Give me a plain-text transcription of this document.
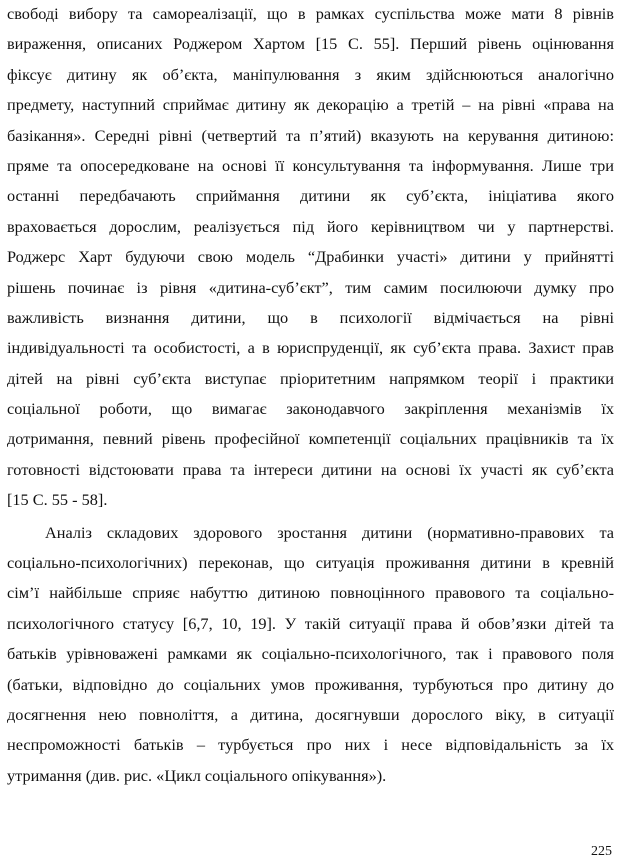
свободі вибору та самореалізації, що в рамках суспільства може мати 8 рівнів
вираження, описаних Роджером Хартом [15 С. 55]. Перший рівень оцінювання
фіксує дитину як об’єкта, маніпулювання з яким здійснюються аналогічно
предмету, наступний сприймає дитину як декорацію а третій – на рівні «права на
базікання». Середні рівні (четвертий та п’ятий) вказують на керування дитиною:
пряме та опосередковане на основі її консультування та інформування. Лише три
останні передбачають сприймання дитини як суб’єкта, ініціатива якого
враховається дорослим, реалізується під його керівництвом чи у партнерстві.
Роджерс Харт будуючи свою модель “Драбинки участі» дитини у прийнятті
рішень починає із рівня «дитина-суб’єкт”, тим самим посилюючи думку про
важливість визнання дитини, що в психології відмічається на рівні
індивідуальності та особистості, а в юриспруденції, як суб’єкта права. Захист прав
дітей на рівні суб’єкта виступає пріоритетним напрямком теорії і практики
соціальної роботи, що вимагає законодавчого закріплення механізмів їх
дотримання, певний рівень професійної компетенції соціальних працівників та їх
готовності відстоювати права та інтереси дитини на основі їх участі як суб’єкта
[15 С. 55 - 58].
Аналіз складових здорового зростання дитини (нормативно-правових та
соціально-психологічних) переконав, що ситуація проживання дитини в кревній
сім’ї найбільше сприяє набуттю дитиною повноцінного правового та соціально-
психологічного статусу [6,7, 10, 19]. У такій ситуації права й обов’язки дітей та
батьків урівноважені рамками як соціально-психологічного, так і правового поля
(батьки, відповідно до соціальних умов проживання, турбуються про дитину до
досягнення нею повноліття, а дитина, досягнувши дорослого віку, в ситуації
неспроможності батьків – турбується про них і несе відповідальність за їх
утримання (див. рис. «Цикл соціального опікування»).
225
